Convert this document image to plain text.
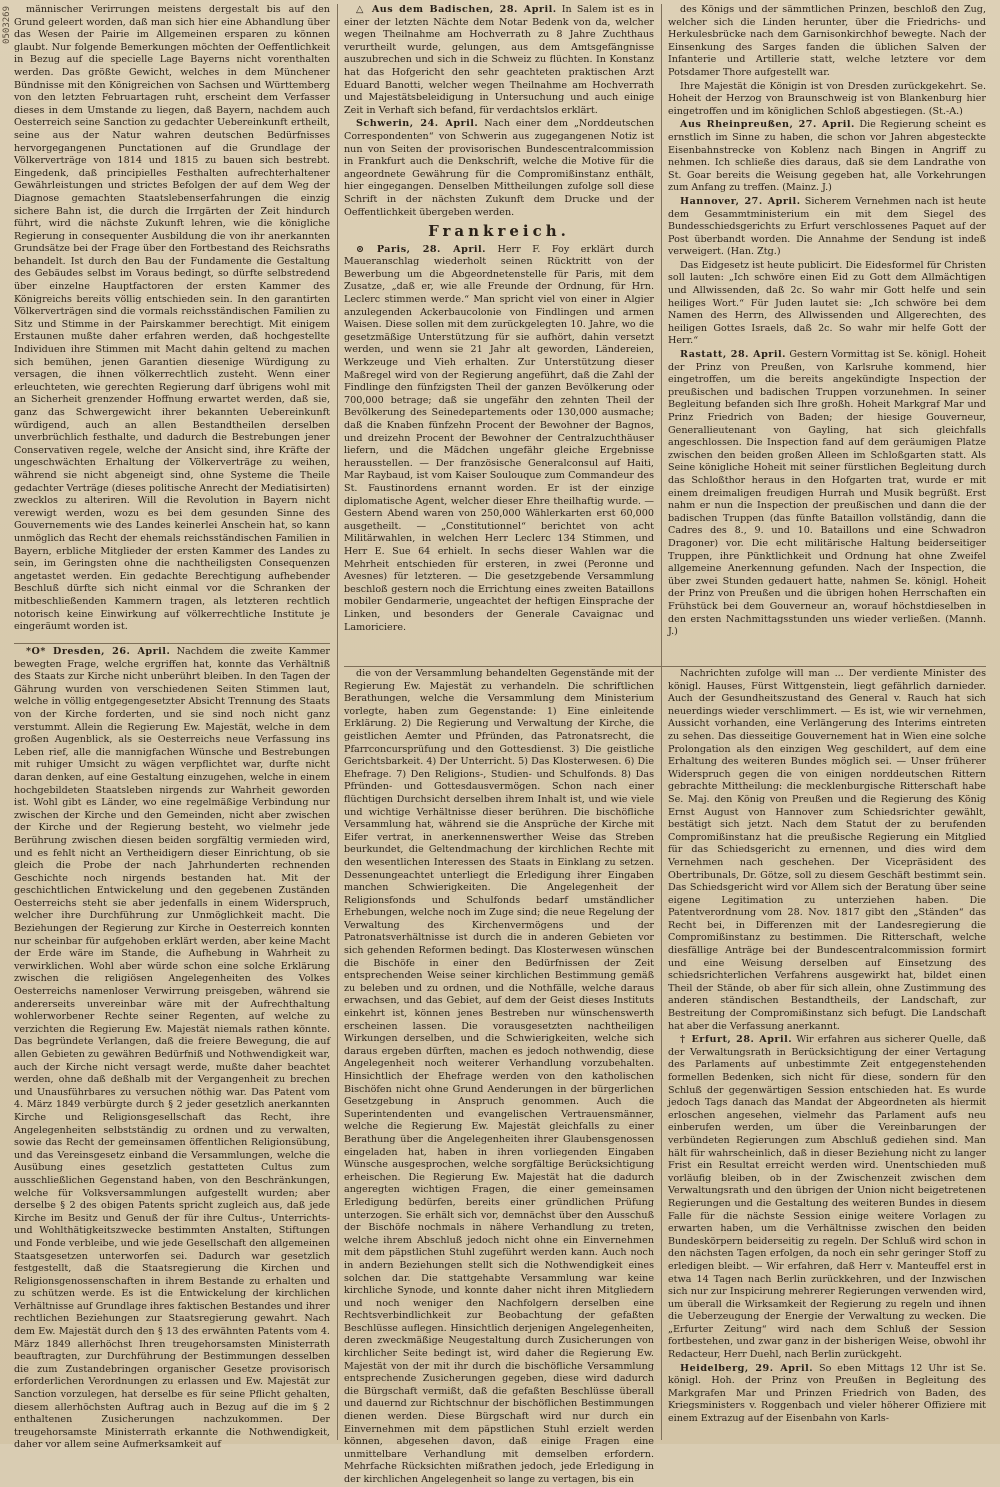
0503269	männischer Verirrungen meistens dergestalt bis auf den Grund geleert worden, daß man sich hier eine Abhandlung über das Wesen der Pairie im Allgemeinen ersparen zu können glaubt. Nur folgende Bemerkungen möchten der Oeffentlichkeit in Bezug auf die specielle Lage Bayerns nicht vorenthalten werden. Das größte Gewicht, welches in dem Münchener Bündnisse mit den Königreichen von Sachsen und Württemberg von den letzten Februartagen ruht, erscheint dem Verfasser dieses in dem Umstande zu liegen, daß Bayern, nachdem auch Oesterreich seine Sanction zu gedachter Uebereinkunft ertheilt, seine aus der Natur wahren deutschen Bedürfnisses hervorgegangenen Punctationen auf die Grundlage der Völkerverträge von 1814 und 1815 zu bauen sich bestrebt. Eingedenk, daß principielles Festhalten aufrechterhaltener Gewährleistungen und strictes Befolgen der auf dem Weg der Diagnose gemachten Staatslebenserfahrungen die einzig sichere Bahn ist, die durch die Irrgärten der Zeit hindurch führt, wird die nächste Zukunft lehren, wie die königliche Regierung in consequenter Ausbildung die von ihr anerkannten Grundsätze bei der Frage über den Fortbestand des Reichsraths behandelt. Ist durch den Bau der Fundamente die Gestaltung des Gebäudes selbst im Voraus bedingt, so dürfte selbstredend über einzelne Hauptfactoren der ersten Kammer des Königreichs bereits völlig entschieden sein. In den garantirten Völkerverträgen sind die vormals reichsständischen Familien zu Sitz und Stimme in der Pairskammer berechtigt. Mit einigem Erstaunen mußte daher erfahren werden, daß hochgestellte Individuen ihre Stimmen mit Macht dahin geltend zu machen sich bemühen, jenen Garantien diesenige Würdigung zu versagen, die ihnen völkerrechtlich zusteht. Wenn einer erleuchteten, wie gerechten Regierung darf übrigens wohl mit an Sicherheit grenzender Hoffnung erwartet werden, daß sie, ganz das Schwergewicht ihrer bekannten Uebereinkunft würdigend, auch an allen Bestandtheilen derselben unverbrüchlich festhalte, und dadurch die Bestrebungen jener Conservativen regele, welche der Ansicht sind, ihre Kräfte der ungeschwächten Erhaltung der Völkerverträge zu weihen, während sie nicht abgeneigt sind, ohne Systeme die Theile gedachter Verträge (dieses politische Anrecht der Mediatisirten) zwecklos zu alteriren. Will die Revolution in Bayern nicht verewigt werden, wozu es bei dem gesunden Sinne des Gouvernements wie des Landes keinerlei Anschein hat, so kann unmöglich das Recht der ehemals reichsständischen Familien in Bayern, erbliche Mitglieder der ersten Kammer des Landes zu sein, im Geringsten ohne die nachtheiligsten Consequenzen angetastet werden. Ein gedachte Berechtigung aufhebender Beschluß dürfte sich nicht einmal vor die Schranken der mitbeschließenden Kammern tragen, als letzteren rechtlich notorisch keine Einwirkung auf völkerrechtliche Institute je eingeräumt worden ist.

△ Aus dem Badischen, 28. April. In Salem ist es in einer der letzten Nächte dem Notar Bedenk von da, welcher wegen Theilnahme am Hochverrath zu 8 Jahre Zuchthaus verurtheilt wurde, gelungen, aus dem Amtsgefängnisse auszubrechen und sich in die Schweiz zu flüchten. In Konstanz hat das Hofgericht den sehr geachteten praktischen Arzt Eduard Banotti, welcher wegen Theilnahme am Hochverrath und Majestätsbeleidigung in Untersuchung und auch einige Zeit in Verhaft sich befand, für verdachtslos erklärt.

Schwerin, 24. April. Nach einer dem „Norddeutschen Correspondenten“ von Schwerin aus zugegangenen Notiz ist nun von Seiten der provisorischen Bundescentralcommission in Frankfurt auch die Denkschrift, welche die Motive für die angeordnete Gewährung für die Compromißinstanz enthält, hier eingegangen. Denselben Mittheilungen zufolge soll diese Schrift in der nächsten Zukunft dem Drucke und der Oeffentlichkeit übergeben werden.

Frankreich.

⊙ Paris, 28. April. Herr F. Foy erklärt durch Maueranschlag wiederholt seinen Rücktritt von der Bewerbung um die Abgeordnetenstelle für Paris, mit dem Zusatze, „daß er, wie alle Freunde der Ordnung, für Hrn. Leclerc stimmen werde.“ Man spricht viel von einer in Algier anzulegenden Ackerbaucolonie von Findlingen und armen Waisen. Diese sollen mit dem zurückgelegten 10. Jahre, wo die gesetzmäßige Unterstützung für sie aufhört, dahin versetzt werden, und wenn sie 21 Jahr alt geworden, Ländereien, Werkzeuge und Vieh erhalten. Zur Unterstützung dieser Maßregel wird von der Regierung angeführt, daß die Zahl der Findlinge den fünfzigsten Theil der ganzen Bevölkerung oder 700,000 betrage; daß sie ungefähr den zehnten Theil der Bevölkerung des Seinedepartements oder 130,000 ausmache; daß die Knaben fünfzehn Procent der Bewohner der Bagnos, und dreizehn Procent der Bewohner der Centralzuchthäuser liefern, und die Mädchen ungefähr gleiche Ergebnisse herausstellen. — Der französische Generalconsul auf Haiti, Mar Raybaud, ist vom Kaiser Soulouque zum Commandeur des St. Faustinordens ernannt worden. Er ist der einzige diplomatische Agent, welcher dieser Ehre theilhaftig wurde. — Gestern Abend waren von 250,000 Wählerkarten erst 60,000 ausgetheilt. — „Constitutionnel“ berichtet von acht Militärwahlen, in welchen Herr Leclerc 134 Stimmen, und Herr E. Sue 64 erhielt. In sechs dieser Wahlen war die Mehrheit entschieden für ersteren, in zwei (Peronne und Avesnes) für letzteren. — Die gesetzgebende Versammlung beschloß gestern noch die Errichtung eines zweiten Bataillons mobiler Gendarmerie, ungeachtet der heftigen Einsprache der Linken, und besonders der Generale Cavaignac und Lamoriciere.

des Königs und der sämmtlichen Prinzen, beschloß den Zug, welcher sich die Linden herunter, über die Friedrichs- und Herkulesbrücke nach dem Garnisonkirchhof bewegte. Nach der Einsenkung des Sarges fanden die üblichen Salven der Infanterie und Artillerie statt, welche letztere vor dem Potsdamer Thore aufgestellt war.

Ihre Majestät die Königin ist von Dresden zurückgekehrt. Se. Hoheit der Herzog von Braunschweig ist von Blankenburg hier eingetroffen und im königlichen Schloß abgestiegen. (St.-A.)

Aus Rheinpreußen, 27. April. Die Regierung scheint es ernstlich im Sinne zu haben, die schon vor Jahren abgesteckte Eisenbahnstrecke von Koblenz nach Bingen in Angriff zu nehmen. Ich schließe dies daraus, daß sie dem Landrathe von St. Goar bereits die Weisung gegeben hat, alle Vorkehrungen zum Anfang zu treffen. (Mainz. J.)

Hannover, 27. April. Sicherem Vernehmen nach ist heute dem Gesammtministerium ein mit dem Siegel des Bundesschiedsgerichts zu Erfurt verschlossenes Paquet auf der Post überbandt worden. Die Annahme der Sendung ist indeß verweigert. (Han. Ztg.)

Das Eidgesetz ist heute publicirt. Die Eidesformel für Christen soll lauten: „Ich schwöre einen Eid zu Gott dem Allmächtigen und Allwissenden, daß 2c. So wahr mir Gott helfe und sein heiliges Wort.“ Für Juden lautet sie: „Ich schwöre bei dem Namen des Herrn, des Allwissenden und Allgerechten, des heiligen Gottes Israels, daß 2c. So wahr mir helfe Gott der Herr.“

Rastatt, 28. April. Gestern Vormittag ist Se. königl. Hoheit der Prinz von Preußen, von Karlsruhe kommend, hier eingetroffen, um die bereits angekündigte Inspection der preußischen und badischen Truppen vorzunehmen. In seiner Begleitung befanden sich Ihre großh. Hoheit Markgraf Mar und Prinz Friedrich von Baden; der hiesige Gouverneur, Generallieutenant von Gayling, hat sich gleichfalls angeschlossen. Die Inspection fand auf dem geräumigen Platze zwischen den beiden großen Alleen im Schloßgarten statt. Als Seine königliche Hoheit mit seiner fürstlichen Begleitung durch das Schloßthor heraus in den Hofgarten trat, wurde er mit einem dreimaligen freudigen Hurrah und Musik begrüßt. Erst nahm er nun die Inspection der preußischen und dann die der badischen Truppen (das fünfte Bataillon vollständig, dann die Cadres des 8., 9. und 10. Bataillons und eine Schwadron Dragoner) vor. Die echt militärische Haltung beiderseitiger Truppen, ihre Pünktlichkeit und Ordnung hat ohne Zweifel allgemeine Anerkennung gefunden. Nach der Inspection, die über zwei Stunden gedauert hatte, nahmen Se. königl. Hoheit der Prinz von Preußen und die übrigen hohen Herrschaften ein Frühstück bei dem Gouverneur an, worauf höchstdieselben in den ersten Nachmittagsstunden uns wieder verließen. (Mannh. J.)

*O* Dresden, 26. April. Nachdem die zweite Kammer bewegten Frage, welche ergriffen hat, konnte das Verhältniß des Staats zur Kirche nicht unberührt bleiben. In den Tagen der Gährung wurden von verschiedenen Seiten Stimmen laut, welche in völlig entgegengesetzter Absicht Trennung des Staats von der Kirche forderten, und sie sind noch nicht ganz verstummt. Allein die Regierung Ew. Majestät, welche in dem großen Augenblick, als sie Oesterreichs neue Verfassung ins Leben rief, alle die mannigfachen Wünsche und Bestrebungen mit ruhiger Umsicht zu wägen verpflichtet war, durfte nicht daran denken, auf eine Gestaltung einzugehen, welche in einem hochgebildeten Staatsleben nirgends zur Wahrheit geworden ist. Wohl gibt es Länder, wo eine regelmäßige Verbindung nur zwischen der Kirche und den Gemeinden, nicht aber zwischen der Kirche und der Regierung besteht, wo vielmehr jede Berührung zwischen diesen beiden sorgfältig vermieden wird, und es fehlt nicht an Vertheidigern dieser Einrichtung, ob sie gleich die Probe der nach Jahrhunderten rechnenden Geschichte noch nirgends bestanden hat. Mit der geschichtlichen Entwickelung und den gegebenen Zuständen Oesterreichs steht sie aber jedenfalls in einem Widerspruch, welcher ihre Durchführung zur Unmöglichkeit macht. Die Beziehungen der Regierung zur Kirche in Oesterreich konnten nur scheinbar für aufgehoben erklärt werden, aber keine Macht der Erde wäre im Stande, die Aufhebung in Wahrheit zu verwirklichen. Wohl aber würde schon eine solche Erklärung zwischen die religiösen Angelegenheiten des Volkes Oesterreichs namenloser Verwirrung preisgeben, während sie andererseits unvereinbar wäre mit der Aufrechthaltung wohlerworbener Rechte seiner Regenten, auf welche zu verzichten die Regierung Ew. Majestät niemals rathen könnte. Das begründete Verlangen, daß die freiere Bewegung, die auf allen Gebieten zu gewähren Bedürfniß und Nothwendigkeit war, auch der Kirche nicht versagt werde, mußte daher beachtet werden, ohne daß deßhalb mit der Vergangenheit zu brechen und Unausführbares zu versuchen nöthig war. Das Patent vom 4. März 1849 verbürgte durch § 2 jeder gesetzlich anerkannten Kirche und Religionsgesellschaft das Recht, ihre Angelegenheiten selbstständig zu ordnen und zu verwalten, sowie das Recht der gemeinsamen öffentlichen Religionsübung, und das Vereinsgesetz einband die Versammlungen, welche die Ausübung eines gesetzlich gestatteten Cultus zum ausschließlichen Gegenstand haben, von den Beschränkungen, welche für Volksversammlungen aufgestellt wurden; aber derselbe § 2 des obigen Patents spricht zugleich aus, daß jede Kirche im Besitz und Genuß der für ihre Cultus-, Unterrichts- und Wohlthätigkeitszwecke bestimmten Anstalten, Stiftungen und Fonde verbleibe, und wie jede Gesellschaft den allgemeinen Staatsgesetzen unterworfen sei. Dadurch war gesetzlich festgestellt, daß die Staatsregierung die Kirchen und Religionsgenossenschaften in ihrem Bestande zu erhalten und zu schützen werde. Es ist die Entwickelung der kirchlichen Verhältnisse auf Grundlage ihres faktischen Bestandes und ihrer rechtlichen Beziehungen zur Staatsregierung gewahrt. Nach dem Ew. Majestät durch den § 13 des erwähnten Patents vom 4. März 1849 allerhöchst Ihren treugehorsamsten Ministerrath beauftragten, zur Durchführung der Bestimmungen desselben die zum Zustandebringen organischer Gesetze provisorisch erforderlichen Verordnungen zu erlassen und Ew. Majestät zur Sanction vorzulegen, hat derselbe es für seine Pflicht gehalten, diesem allerhöchsten Auftrag auch in Bezug auf die im § 2 enthaltenen Zusicherungen nachzukommen. Der treugehorsamste Ministerrath erkannte die Nothwendigkeit, daher vor allem seine Aufmerksamkeit auf

die von der Versammlung behandelten Gegenstände mit der Regierung Ew. Majestät zu verhandeln. Die schriftlichen Berathungen, welche die Versammlung dem Ministerium vorlegte, haben zum Gegenstande: 1) Eine einleitende Erklärung. 2) Die Regierung und Verwaltung der Kirche, die geistlichen Aemter und Pfründen, das Patronatsrecht, die Pfarrconcursprüfung und den Gottesdienst. 3) Die geistliche Gerichtsbarkeit. 4) Der Unterricht. 5) Das Klosterwesen. 6) Die Ehefrage. 7) Den Religions-, Studien- und Schulfonds. 8) Das Pfründen- und Gottesdausvermögen. Schon nach einer flüchtigen Durchsicht derselben ihrem Inhalt ist, und wie viele und wichtige Verhältnisse dieser berühren. Die bischöfliche Versammlung hat, während sie die Ansprüche der Kirche mit Eifer vertrat, in anerkennenswerther Weise das Streben beurkundet, die Geltendmachung der kirchlichen Rechte mit den wesentlichen Interessen des Staats in Einklang zu setzen. Dessenungeachtet unterliegt die Erledigung ihrer Eingaben manchen Schwierigkeiten. Die Angelegenheit der Religionsfonds und Schulfonds bedarf umständlicher Erhebungen, welche noch im Zuge sind; die neue Regelung der Verwaltung des Kirchenvermögens und der Patronatsverhältnisse ist durch die in anderen Gebieten vor sich gehenden Reformen bedingt. Das Klosterwesen wünschen die Bischöfe in einer den Bedürfnissen der Zeit entsprechenden Weise seiner kirchlichen Bestimmung gemäß zu beleben und zu ordnen, und die Nothfälle, welche daraus erwachsen, und das Gebiet, auf dem der Geist dieses Instituts einkehrt ist, können jenes Bestreben nur wünschenswerth erscheinen lassen. Die vorausgesetzten nachtheiligen Wirkungen derselben, und die Schwierigkeiten, welche sich daraus ergeben dürften, machen es jedoch nothwendig, diese Angelegenheit noch weiterer Verhandlung vorzubehalten. Hinsichtlich der Ehefrage werden von den katholischen Bischöfen nicht ohne Grund Aenderungen in der bürgerlichen Gesetzgebung in Anspruch genommen. Auch die Superintendenten und evangelischen Vertrauensmänner, welche die Regierung Ew. Majestät gleichfalls zu einer Berathung über die Angelegenheiten ihrer Glaubensgenossen eingeladen hat, haben in ihren vorliegenden Eingaben Wünsche ausgesprochen, welche sorgfältige Berücksichtigung erheischen. Die Regierung Ew. Majestät hat die dadurch angeregten wichtigen Fragen, die einer gemeinsamen Erledigung bedürfen, bereits einer gründlichen Prüfung unterzogen. Sie erhält sich vor, demnächst über den Ausschuß der Bischöfe nochmals in nähere Verhandlung zu treten, welche ihrem Abschluß jedoch nicht ohne ein Einvernehmen mit dem päpstlichen Stuhl zugeführt werden kann. Auch noch in andern Beziehungen stellt sich die Nothwendigkeit eines solchen dar. Die stattgehabte Versammlung war keine kirchliche Synode, und konnte daher nicht ihren Mitgliedern und noch weniger den Nachfolgern derselben eine Rechtsverbindlichkeit zur Beobachtung der gefaßten Beschlüsse auflegen. Hinsichtlich derjenigen Angelegenheiten, deren zweckmäßige Neugestaltung durch Zusicherungen von kirchlicher Seite bedingt ist, wird daher die Regierung Ew. Majestät von der mit ihr durch die bischöfliche Versammlung entsprechende Zusicherungen gegeben, diese wird dadurch die Bürgschaft vermißt, daß die gefaßten Beschlüsse überall und dauernd zur Richtschnur der bischöflichen Bestimmungen dienen werden. Diese Bürgschaft wird nur durch ein Einvernehmen mit dem päpstlichen Stuhl erzielt werden können, abgesehen davon, daß einige Fragen eine unmittelbare Verhandlung mit demselben erfordern. Mehrfache Rücksichten mißrathen jedoch, jede Erledigung in der kirchlichen Angelegenheit so lange zu vertagen, bis ein

Nachrichten zufolge will man ... Der verdiente Minister des königl. Hauses, Fürst Wittgenstein, liegt gefährlich darnieder. Auch der Gesundheitszustand des General v. Rauch hat sich neuerdings wieder verschlimmert. — Es ist, wie wir vernehmen, Aussicht vorhanden, eine Verlängerung des Interims eintreten zu sehen. Das diesseitige Gouvernement hat in Wien eine solche Prolongation als den einzigen Weg geschildert, auf dem eine Erhaltung des weiteren Bundes möglich sei. — Unser früherer Widerspruch gegen die von einigen norddeutschen Rittern gebrachte Mittheilung: die mecklenburgische Ritterschaft habe Se. Maj. den König von Preußen und die Regierung des König Ernst August von Hannover zum Schiedsrichter gewählt, bestätigt sich jetzt. Nach dem Statut der zu berufenden Compromißinstanz hat die preußische Regierung ein Mitglied für das Schiedsgericht zu ernennen, und dies wird dem Vernehmen nach geschehen. Der Vicepräsident des Obertribunals, Dr. Götze, soll zu diesem Geschäft bestimmt sein. Das Schiedsgericht wird vor Allem sich der Beratung über seine eigene Legitimation zu unterziehen haben. Die Patentverordnung vom 28. Nov. 1817 gibt den „Ständen“ das Recht bei, in Differenzen mit der Landesregierung die Compromißinstanz zu bestimmen. Die Ritterschaft, welche diesfällige Anträge bei der Bundescentralcommission formirt und eine Weisung derselben auf Einsetzung des schiedsrichterlichen Verfahrens ausgewirkt hat, bildet einen Theil der Stände, ob aber für sich allein, ohne Zustimmung des anderen ständischen Bestandtheils, der Landschaft, zur Bestreitung der Compromißinstanz sich befugt. Die Landschaft hat aber die Verfassung anerkannt.

† Erfurt, 28. April. Wir erfahren aus sicherer Quelle, daß der Verwaltungsrath in Berücksichtigung der einer Vertagung des Parlaments auf unbestimmte Zeit entgegenstehenden formellen Bedenken, sich nicht für diese, sondern für den Schluß der gegenwärtigen Session entschieden hat. Es wurde jedoch Tags danach das Mandat der Abgeordneten als hiermit erloschen angesehen, vielmehr das Parlament aufs neu einberufen werden, um über die Vereinbarungen der verbündeten Regierungen zum Abschluß gediehen sind. Man hält für wahrscheinlich, daß in dieser Beziehung nicht zu langer Frist ein Resultat erreicht werden wird. Unentschieden muß vorläufig bleiben, ob in der Zwischenzeit zwischen dem Verwaltungsrath und den übrigen der Union nicht beigetretenen Regierungen und die Gestaltung des weiteren Bundes in diesem Falle für die nächste Session einige weitere Vorlagen zu erwarten haben, um die Verhältnisse zwischen den beiden Bundeskörpern beiderseitig zu regeln. Der Schluß wird schon in den nächsten Tagen erfolgen, da noch ein sehr geringer Stoff zu erledigen bleibt. — Wir erfahren, daß Herr v. Manteuffel erst in etwa 14 Tagen nach Berlin zurückkehren, und der Inzwischen sich nur zur Inspicirung mehrerer Regierungen verwenden wird, um überall die Wirksamkeit der Regierung zu regeln und ihnen die Ueberzeugung der Energie der Verwaltung zu wecken. Die „Erfurter Zeitung“ wird nach dem Schluß der Session fortbestehen, und zwar ganz in der bisherigen Weise, obwohl ihr Redacteur, Herr Duehl, nach Berlin zurückgeht.

Heidelberg, 29. April. So eben Mittags 12 Uhr ist Se. königl. Hoh. der Prinz von Preußen in Begleitung des Markgrafen Mar und Prinzen Friedrich von Baden, des Kriegsministers v. Roggenbach und vieler höherer Offiziere mit einem Extrazug auf der Eisenbahn von Karls-
